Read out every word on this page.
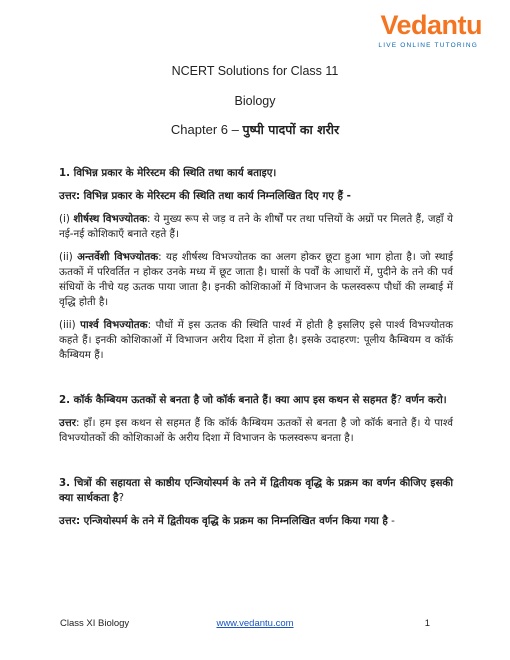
Vedantu
LIVE ONLINE TUTORING
NCERT Solutions for Class 11
Biology
Chapter 6 – पुष्पी पादपों का शरीर

1. विभिन्न प्रकार के मेरिस्टम की स्थिति तथा कार्य बताइए।

उत्तर: विभिन्न प्रकार के मेरिस्टम की स्थिति तथा कार्य निम्नलिखित दिए गए हैं -

(i) शीर्षस्थ विभज्योतक: ये मुख्य रूप से जड़ व तने के शीर्षों पर तथा पत्तियों के अग्रों पर मिलते हैं, जहाँ ये नई-नई कोशिकाएँ बनाते रहते हैं।

(ii) अन्तर्वेशी विभज्योतक: यह शीर्षस्थ विभज्योतक का अलग होकर छूटा हुआ भाग होता है। जो स्थाई ऊतकों में परिवर्तित न होकर उनके मध्य में छूट जाता है। घासों के पर्वों के आधारों में, पुदीने के तने की पर्व संधियों के नीचे यह ऊतक पाया जाता है। इनकी कोशिकाओं में विभाजन के फलस्वरूप पौधों की लम्बाई में वृद्धि होती है।

(iii) पार्श्व विभज्योतक: पौधों में इस ऊतक की स्थिति पार्श्व में होती है इसलिए इसे पार्श्व विभज्योतक कहते हैं। इनकी कोशिकाओं में विभाजन अरीय दिशा में होता है। इसके उदाहरण: पूलीय कैम्बियम व कॉर्क कैम्बियम हैं।

2. कॉर्क कैम्बियम ऊतकों से बनता है जो कॉर्क बनाते हैं। क्या आप इस कथन से सहमत हैं? वर्णन करो।

उत्तर: हाँ। हम इस कथन से सहमत हैं कि कॉर्क कैम्बियम ऊतकों से बनता है जो कॉर्क बनाते हैं। ये पार्श्व विभज्योतकों की कोशिकाओं के अरीय दिशा में विभाजन के फलस्वरूप बनता है।

3. चित्रों की सहायता से काष्ठीय एन्जियोस्पर्म के तने में द्वितीयक वृद्धि के प्रक्रम का वर्णन कीजिए इसकी क्या सार्थकता है?

उत्तर: एन्जियोस्पर्म के तने में द्वितीयक वृद्धि के प्रक्रम का निम्नलिखित वर्णन किया गया है -

Class XI Biology	www.vedantu.com	1
